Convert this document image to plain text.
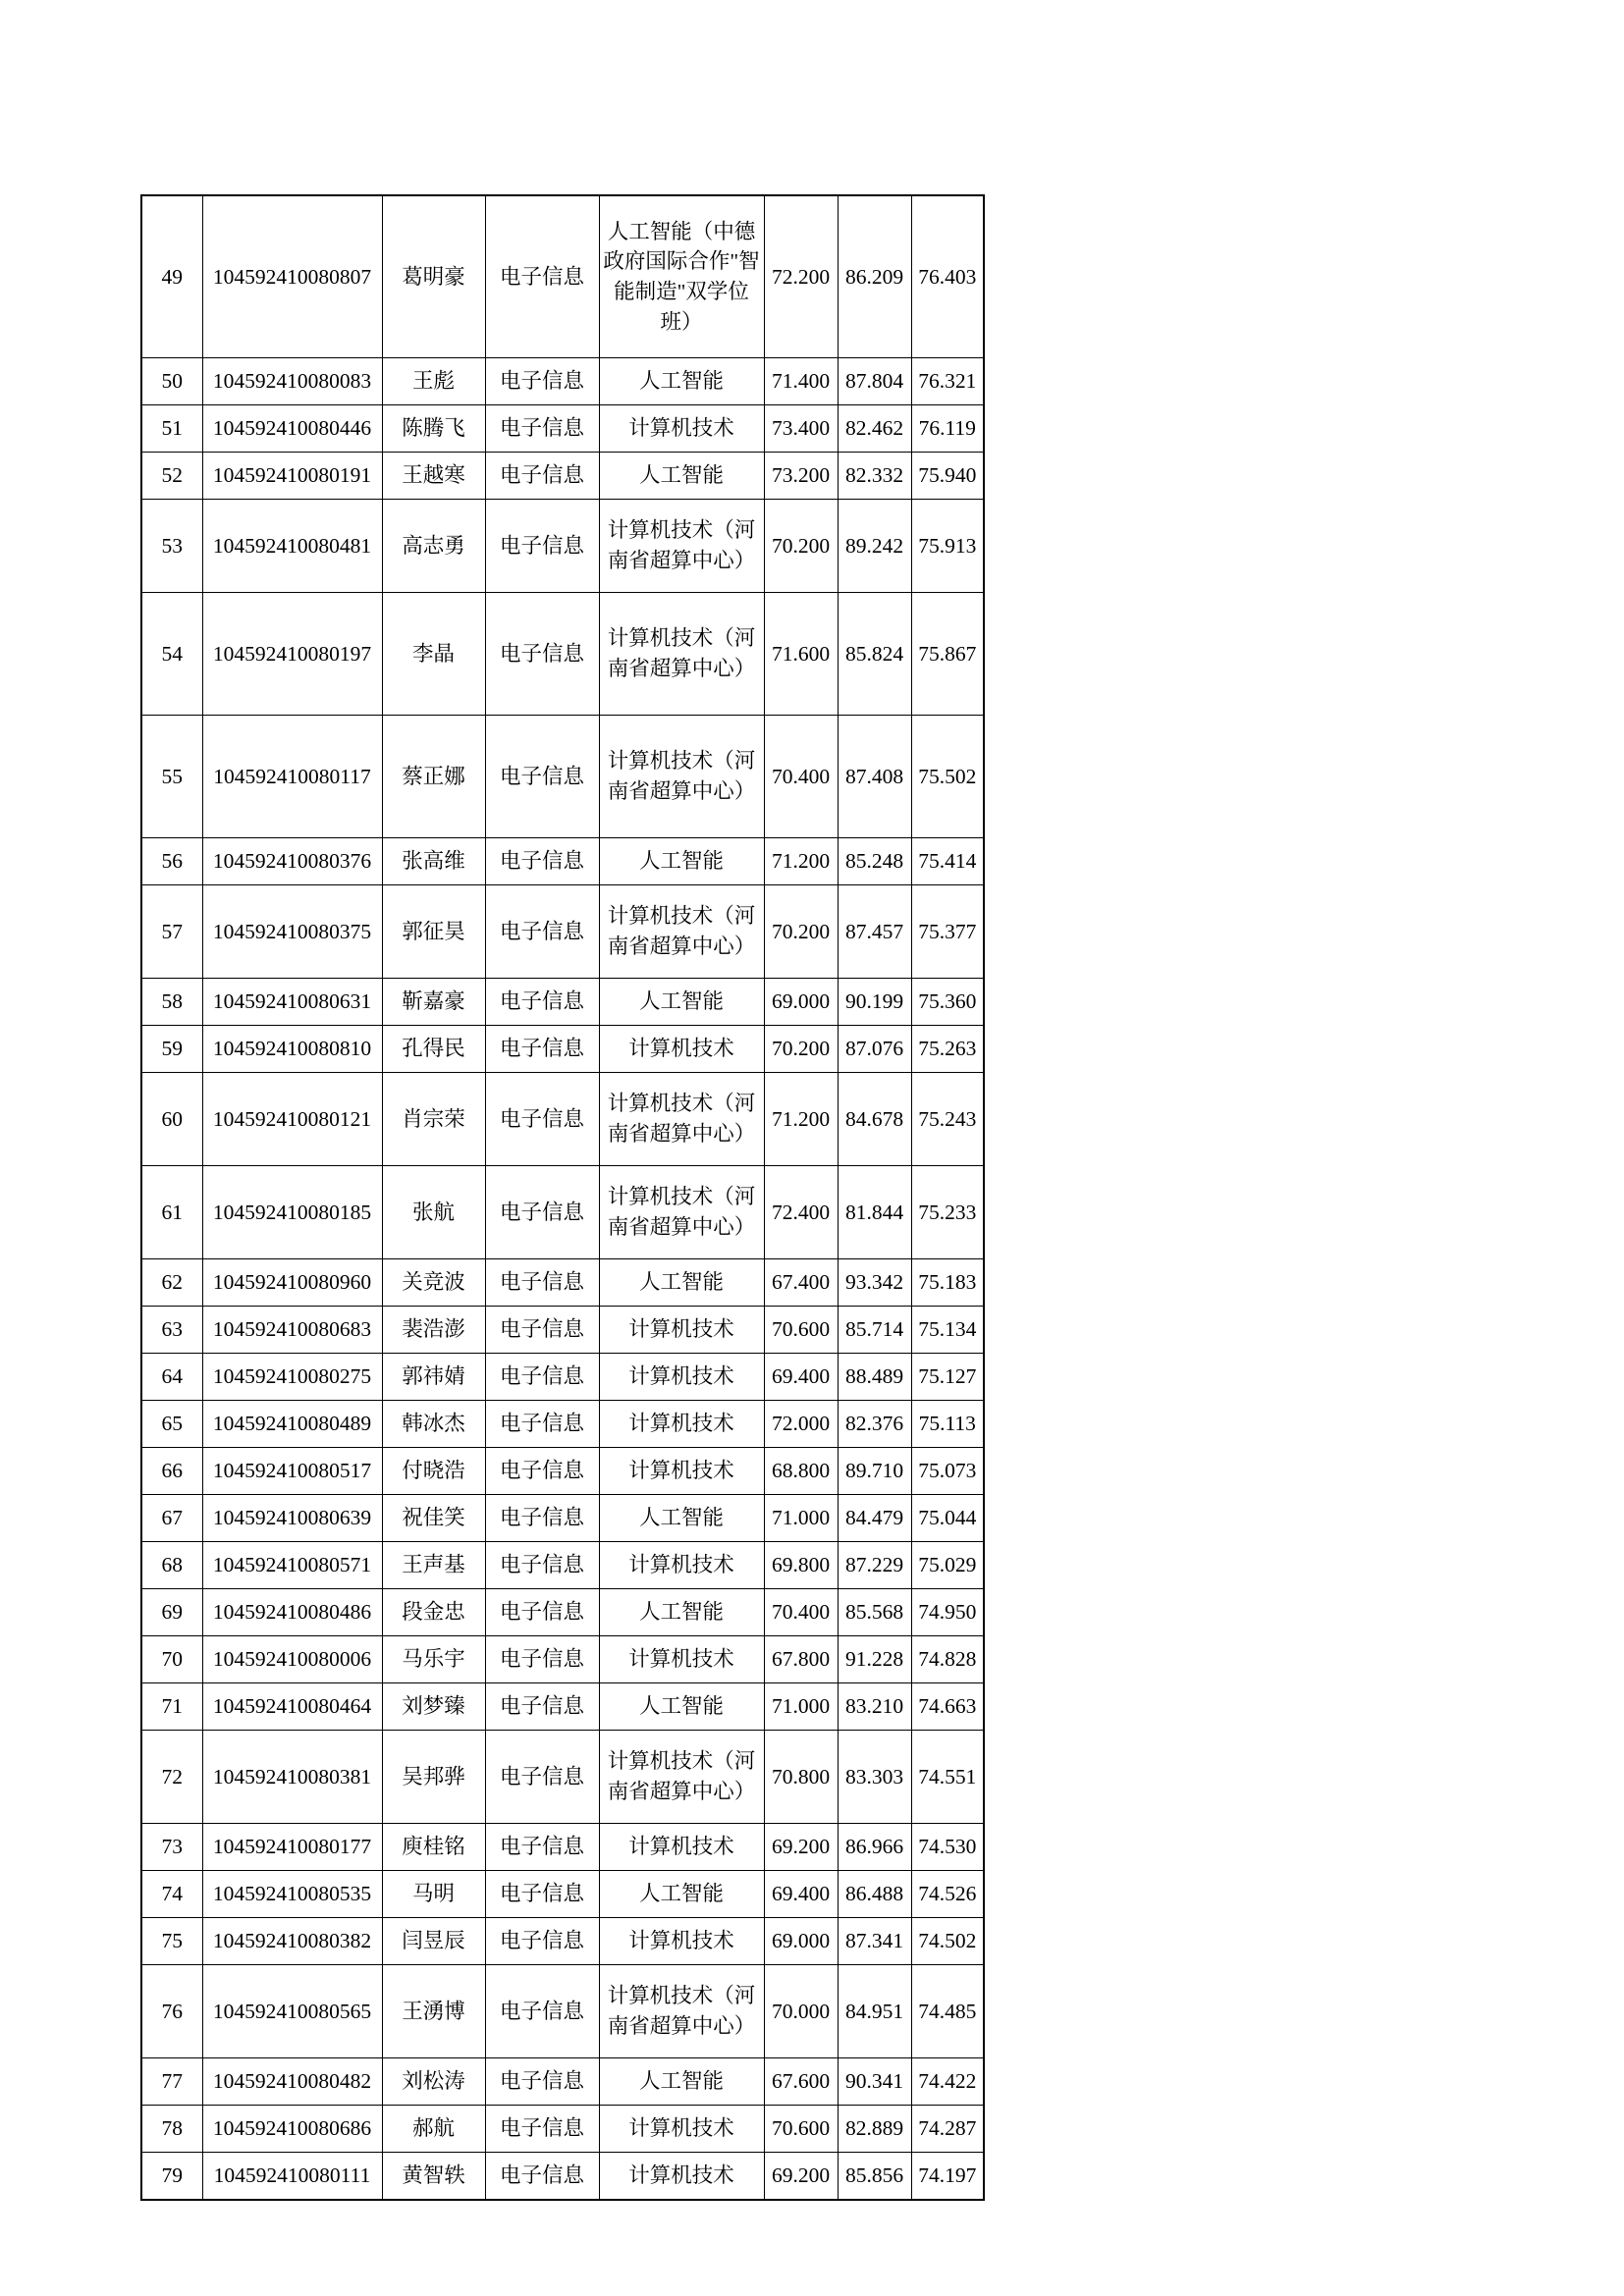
49	104592410080807	葛明豪	电子信息	人工智能（中德政府国际合作"智能制造"双学位班）	72.200	86.209	76.403
50	104592410080083	王彪	电子信息	人工智能	71.400	87.804	76.321
51	104592410080446	陈腾飞	电子信息	计算机技术	73.400	82.462	76.119
52	104592410080191	王越寒	电子信息	人工智能	73.200	82.332	75.940
53	104592410080481	高志勇	电子信息	计算机技术（河南省超算中心）	70.200	89.242	75.913
54	104592410080197	李晶	电子信息	计算机技术（河南省超算中心）	71.600	85.824	75.867
55	104592410080117	蔡正娜	电子信息	计算机技术（河南省超算中心）	70.400	87.408	75.502
56	104592410080376	张高维	电子信息	人工智能	71.200	85.248	75.414
57	104592410080375	郭征昊	电子信息	计算机技术（河南省超算中心）	70.200	87.457	75.377
58	104592410080631	靳嘉豪	电子信息	人工智能	69.000	90.199	75.360
59	104592410080810	孔得民	电子信息	计算机技术	70.200	87.076	75.263
60	104592410080121	肖宗荣	电子信息	计算机技术（河南省超算中心）	71.200	84.678	75.243
61	104592410080185	张航	电子信息	计算机技术（河南省超算中心）	72.400	81.844	75.233
62	104592410080960	关竞波	电子信息	人工智能	67.400	93.342	75.183
63	104592410080683	裴浩澎	电子信息	计算机技术	70.600	85.714	75.134
64	104592410080275	郭祎婧	电子信息	计算机技术	69.400	88.489	75.127
65	104592410080489	韩冰杰	电子信息	计算机技术	72.000	82.376	75.113
66	104592410080517	付晓浩	电子信息	计算机技术	68.800	89.710	75.073
67	104592410080639	祝佳笑	电子信息	人工智能	71.000	84.479	75.044
68	104592410080571	王声基	电子信息	计算机技术	69.800	87.229	75.029
69	104592410080486	段金忠	电子信息	人工智能	70.400	85.568	74.950
70	104592410080006	马乐宇	电子信息	计算机技术	67.800	91.228	74.828
71	104592410080464	刘梦臻	电子信息	人工智能	71.000	83.210	74.663
72	104592410080381	吴邦骅	电子信息	计算机技术（河南省超算中心）	70.800	83.303	74.551
73	104592410080177	庾桂铭	电子信息	计算机技术	69.200	86.966	74.530
74	104592410080535	马明	电子信息	人工智能	69.400	86.488	74.526
75	104592410080382	闫昱辰	电子信息	计算机技术	69.000	87.341	74.502
76	104592410080565	王湧博	电子信息	计算机技术（河南省超算中心）	70.000	84.951	74.485
77	104592410080482	刘松涛	电子信息	人工智能	67.600	90.341	74.422
78	104592410080686	郝航	电子信息	计算机技术	70.600	82.889	74.287
79	104592410080111	黄智轶	电子信息	计算机技术	69.200	85.856	74.197
